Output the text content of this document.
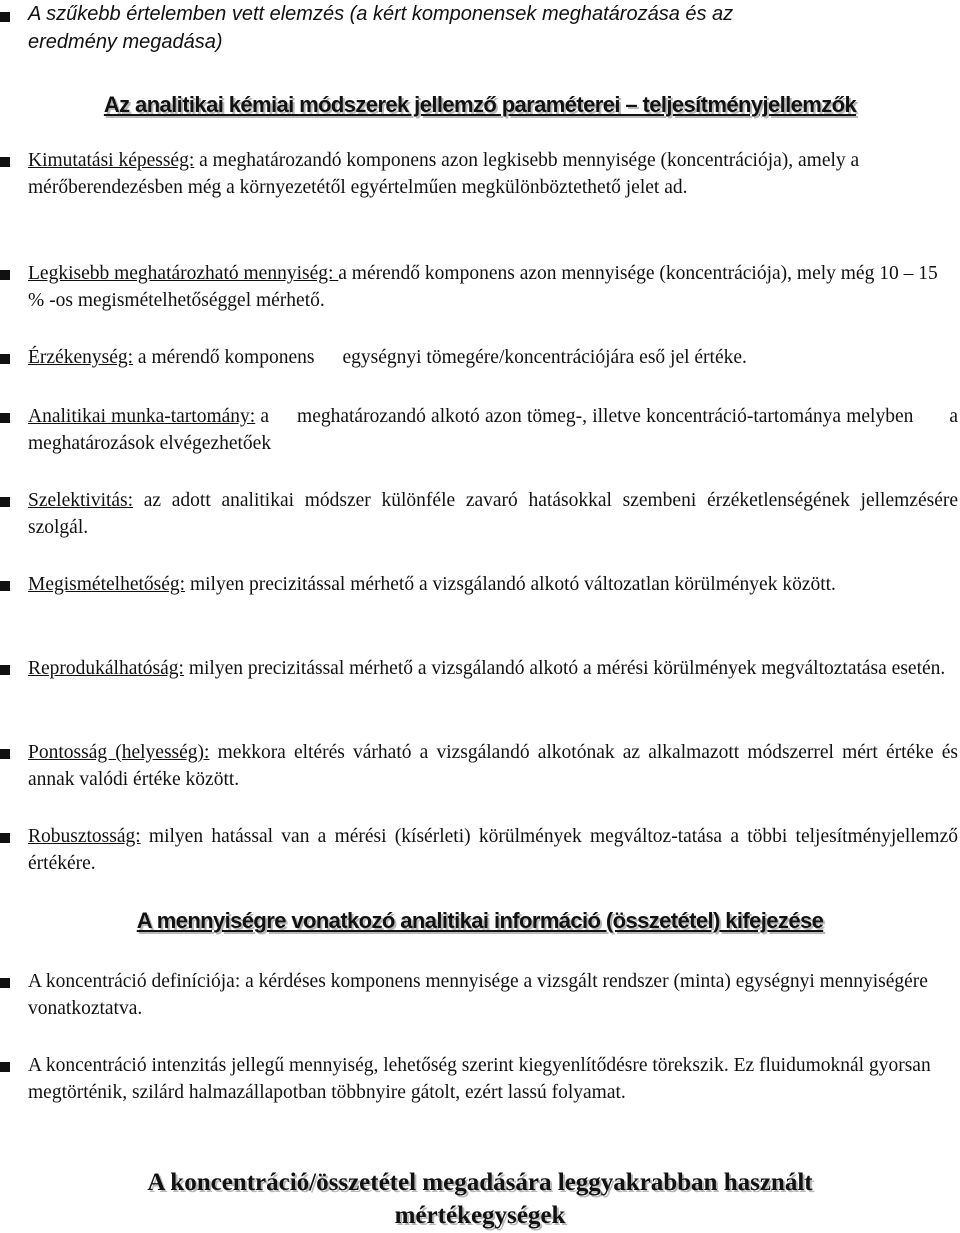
A szűkebb értelemben vett elemzés (a kért komponensek meghatározása és az
eredmény megadása)
Az analitikai kémiai módszerek jellemző paraméterei – teljesítményjellemzők
Kimutatási képesség: a meghatározandó komponens azon legkisebb mennyisége (koncentrációja), amely a mérőberendezésben még a környezetétől egyértelműen megkülönböztethető jelet ad.
Legkisebb meghatározható mennyiség: a mérendő komponens azon mennyisége (koncentrációja), mely még 10 – 15 % -os megismételhetőséggel mérhető.
Érzékenység: a mérendő komponens egységnyi tömegére/koncentrációjára eső jel értéke.
Analitikai munka-tartomány: a meghatározandó alkotó azon tömeg-, illetve koncentráció-tartománya melyben a meghatározások elvégezhetőek
Szelektivitás: az adott analitikai módszer különféle zavaró hatásokkal szembeni érzéketlenségének jellemzésére szolgál.
Megismételhetőség: milyen precizitással mérhető a vizsgálandó alkotó változatlan körülmények között.
Reprodukálhatóság: milyen precizitással mérhető a vizsgálandó alkotó a mérési körülmények megváltoztatása esetén.
Pontosság (helyesség): mekkora eltérés várható a vizsgálandó alkotónak az alkalmazott módszerrel mért értéke és annak valódi értéke között.
Robusztosság: milyen hatással van a mérési (kísérleti) körülmények megváltoz-tatása a többi teljesítményjellemző értékére.
A mennyiségre vonatkozó analitikai információ (összetétel) kifejezése
A koncentráció definíciója: a kérdéses komponens mennyisége a vizsgált rendszer (minta) egységnyi mennyiségére vonatkoztatva.
A koncentráció intenzitás jellegű mennyiség, lehetőség szerint kiegyenlítődésre törekszik. Ez fluidumoknál gyorsan megtörténik, szilárd halmazállapotban többnyire gátolt, ezért lassú folyamat.
A koncentráció/összetétel megadására leggyakrabban használt
mértékegységek
